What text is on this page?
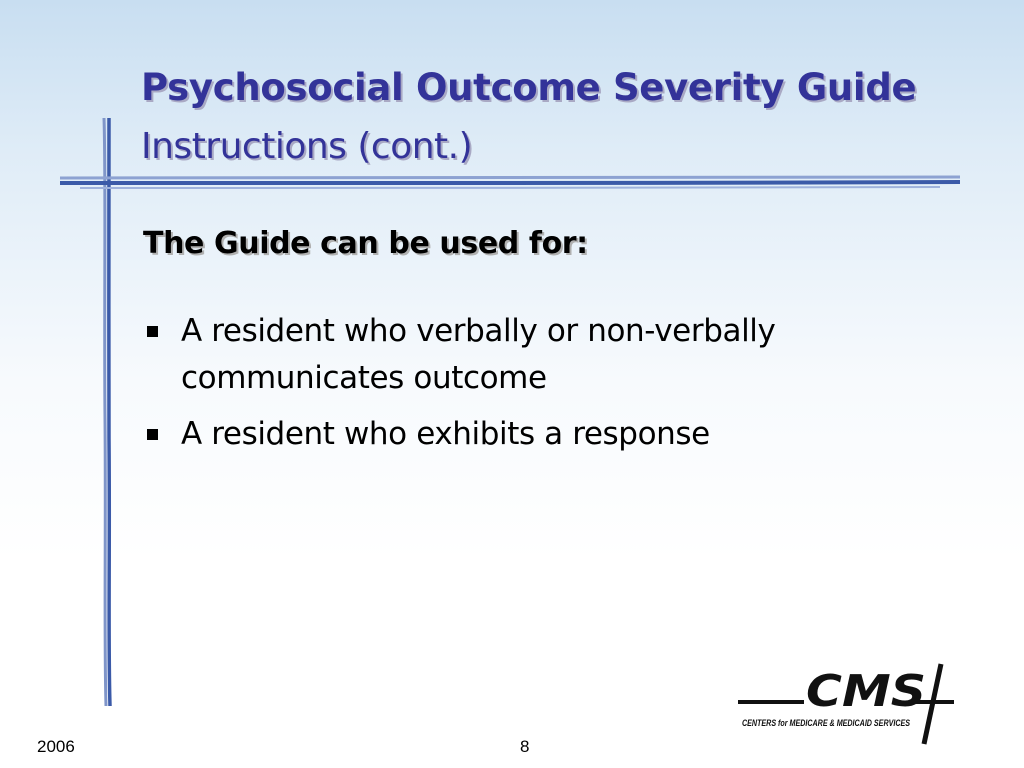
Psychosocial Outcome Severity Guide
Instructions (cont.)
The Guide can be used for:
A resident who verbally or non-verbally
communicates outcome
A resident who exhibits a response
CMS
CENTERS for MEDICARE & MEDICAID SERVICES
2006	8
